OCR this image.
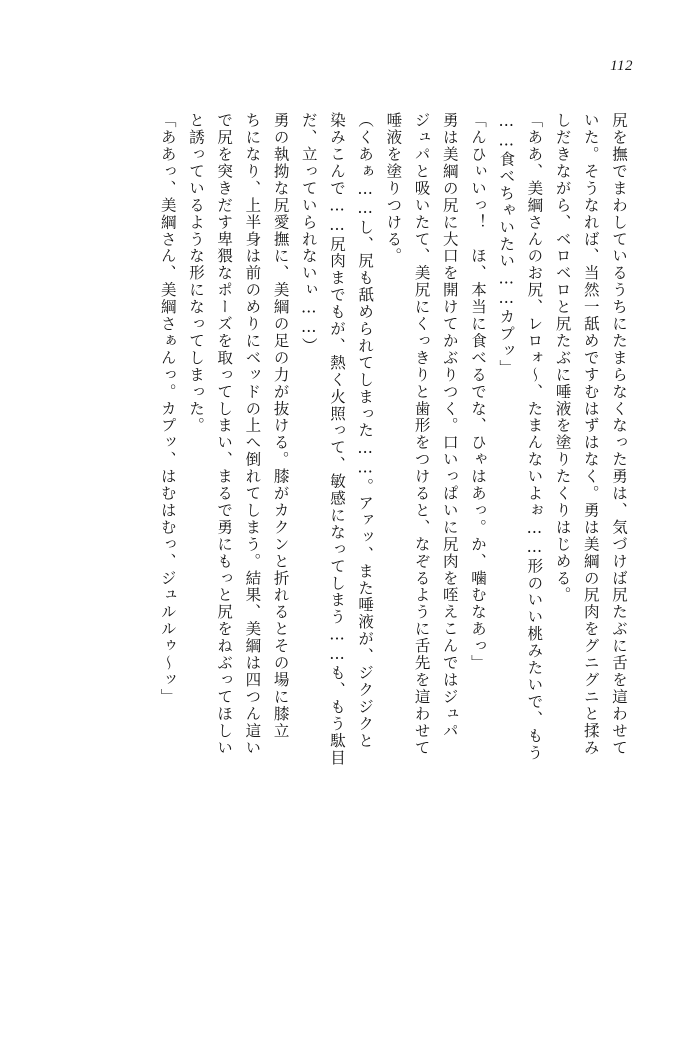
112
尻を撫でまわしているうちにたまらなくなった勇は、気づけば尻たぶに舌を這わせて
いた。そうなれば、当然一舐めですむはずはなく。勇は美綱の尻肉をグニグニと揉み
しだきながら、ベロベロと尻たぶに唾液を塗りたくりはじめる。
「ああ、美綱さんのお尻、レロォ～、たまんないよぉ……形のいい桃みたいで、もう
……食べちゃいたい……カプッ」
「んひぃいっ！　ほ、本当に食べるでな、ひゃはあっ。か、噛むなあっ」
勇は美綱の尻に大口を開けてかぶりつく。口いっぱいに尻肉を咥えこんではジュパ
ジュパと吸いたて、美尻にくっきりと歯形をつけると、なぞるように舌先を這わせて
唾液を塗りつける。
（くあぁ……し、尻も舐められてしまった……。アァッ、また唾液が、ジクジクと
染みこんで……尻肉までもが、熱く火照って、敏感になってしまう……も、もう駄目
だ、立っていられないぃ……）
勇の執拗な尻愛撫に、美綱の足の力が抜ける。膝がカクンと折れるとその場に膝立
ちになり、上半身は前のめりにベッドの上へ倒れてしまう。結果、美綱は四つん這い
で尻を突きだす卑猥なポーズを取ってしまい、まるで勇にもっと尻をねぶってほしい
と誘っているような形になってしまった。
「ああっ、美綱さん、美綱さぁんっ。カプッ、はむはむっ、ジュルルゥ～ッ」
